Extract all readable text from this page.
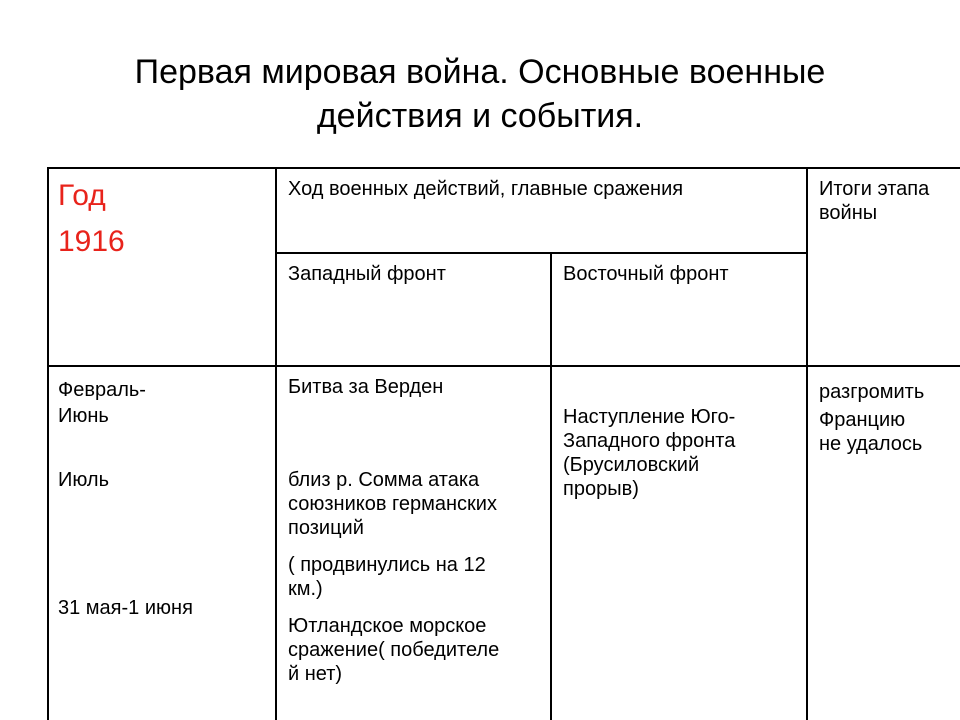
Первая мировая война. Основные военные
действия и события.
Год
1916
Ход военных действий, главные сражения	Итоги этапа
войны
Западный фронт	Восточный фронт
Февраль-
Июнь
Июль
31 мая-1 июня
Битва за Верден
близ р. Сомма атака
союзников германских
позиций
( продвинулись на 12
км.)
Ютландское морское
сражение( победителе
й нет)
Наступление Юго-
Западного фронта
(Брусиловский
прорыв)
разгромить
Францию
не удалось
